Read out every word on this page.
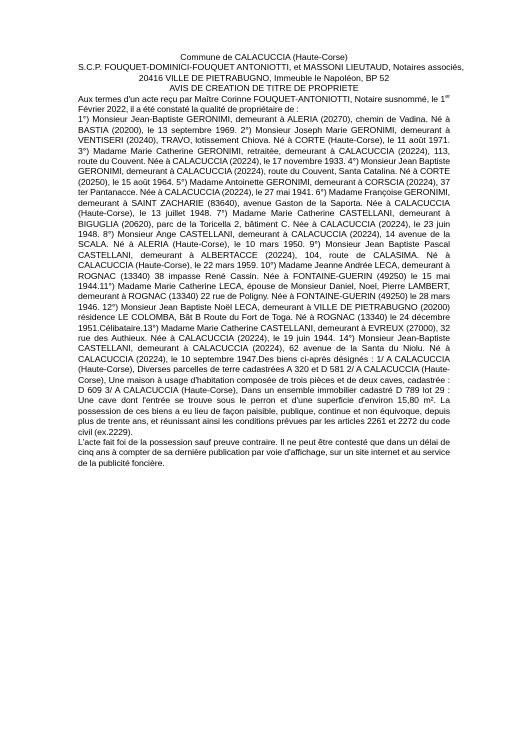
Commune de CALACUCCIA (Haute-Corse)
S.C.P. FOUQUET-DOMINICI-FOUQUET ANTONIOTTI, et MASSONI LIEUTAUD, Notaires associés,
20416 VILLE DE PIETRABUGNO, Immeuble le Napoléon, BP 52
AVIS DE CREATION DE TITRE DE PROPRIETE

Aux termes d'un acte reçu par Maître Corinne FOUQUET-ANTONIOTTI, Notaire susnommé, le 1er Février 2022, il a été constaté la qualité de propriétaire de :

1°) Monsieur Jean-Baptiste GERONIMI, demeurant à ALERIA (20270), chemin de Vadina. Né à BASTIA (20200), le 13 septembre 1969. 2°) Monsieur Joseph Marie GERONIMI, demeurant à VENTISERI (20240), TRAVO, lotissement Chiova. Né à CORTE (Haute-Corse), le 11 août 1971. 3°) Madame Marie Catherine GERONIMI, retraitée, demeurant à CALACUCCIA (20224), 113, route du Couvent. Née à CALACUCCIA (20224), le 17 novembre 1933. 4°) Monsieur Jean Baptiste GERONIMI, demeurant à CALACUCCIA (20224), route du Couvent, Santa Catalina. Né à CORTE (20250), le 15 août 1964. 5°) Madame Antoinette GERONIMI, demeurant à CORSCIA (20224), 37 ter Pantanacce. Née à CALACUCCIA (20224), le 27 mai 1941. 6°) Madame Françoise GERONIMI, demeurant à SAINT ZACHARIE (83640), avenue Gaston de la Saporta. Née à CALACUCCIA (Haute-Corse), le 13 juillet 1948. 7°) Madame Marie Catherine CASTELLANI, demeurant à BIGUGLIA (20620), parc de la Toricella 2, bâtiment C. Née à CALACUCCIA (20224), le 23 juin 1948. 8°) Monsieur Ange CASTELLANI, demeurant à CALACUCCIA (20224), 14 avenue de la SCALA. Né à ALERIA (Haute-Corse), le 10 mars 1950. 9°) Monsieur Jean Baptiste Pascal CASTELLANI, demeurant à ALBERTACCE (20224), 104, route de CALASIMA. Né à CALACUCCIA (Haute-Corse), le 22 mars 1959. 10°) Madame Jeanne Andrée LECA, demeurant à ROGNAC (13340) 38 impasse René Cassin. Née à FONTAINE-GUERIN (49250) le 15 mai 1944.11°) Madame Marie Catherine LECA, épouse de Monsieur Daniel, Noel, Pierre LAMBERT, demeurant à ROGNAC (13340) 22 rue de Poligny. Née à FONTAINE-GUERIN (49250) le 28 mars 1946. 12°) Monsieur Jean Baptiste Noël LECA, demeurant à VILLE DE PIETRABUGNO (20200) résidence LE COLOMBA, Bât B Route du Fort de Toga. Né à ROGNAC (13340) le 24 décembre 1951.Célibataire.13°) Madame Marie Catherine CASTELLANI, demeurant à EVREUX (27000), 32 rue des Authieux. Née à CALACUCCIA (20224), le 19 juin 1944. 14°) Monsieur Jean-Baptiste CASTELLANI, demeurant à CALACUCCIA (20224), 62 avenue de la Santa du Niolu. Né à CALACUCCIA (20224), le 10 septembre 1947.Des biens ci-après désignés : 1/ A CALACUCCIA (Haute-Corse), Diverses parcelles de terre cadastrées A 320 et D 581 2/ A CALACUCCIA (Haute-Corse), Une maison à usage d'habitation composée de trois pièces et de deux caves, cadastrée : D 609 3/ A CALACUCCIA (Haute-Corse), Dans un ensemble immobilier cadastré D 789 lot 29 : Une cave dont l'entrée se trouve sous le perron et d'une superficie d'environ 15,80 m². La possession de ces biens a eu lieu de façon paisible, publique, continue et non équivoque, depuis plus de trente ans, et réunissant ainsi les conditions prévues par les articles 2261 et 2272 du code civil (ex.2229).

L'acte fait foi de la possession sauf preuve contraire. Il ne peut être contesté que dans un délai de cinq ans à compter de sa dernière publication par voie d'affichage, sur un site internet et au service de la publicité foncière.
